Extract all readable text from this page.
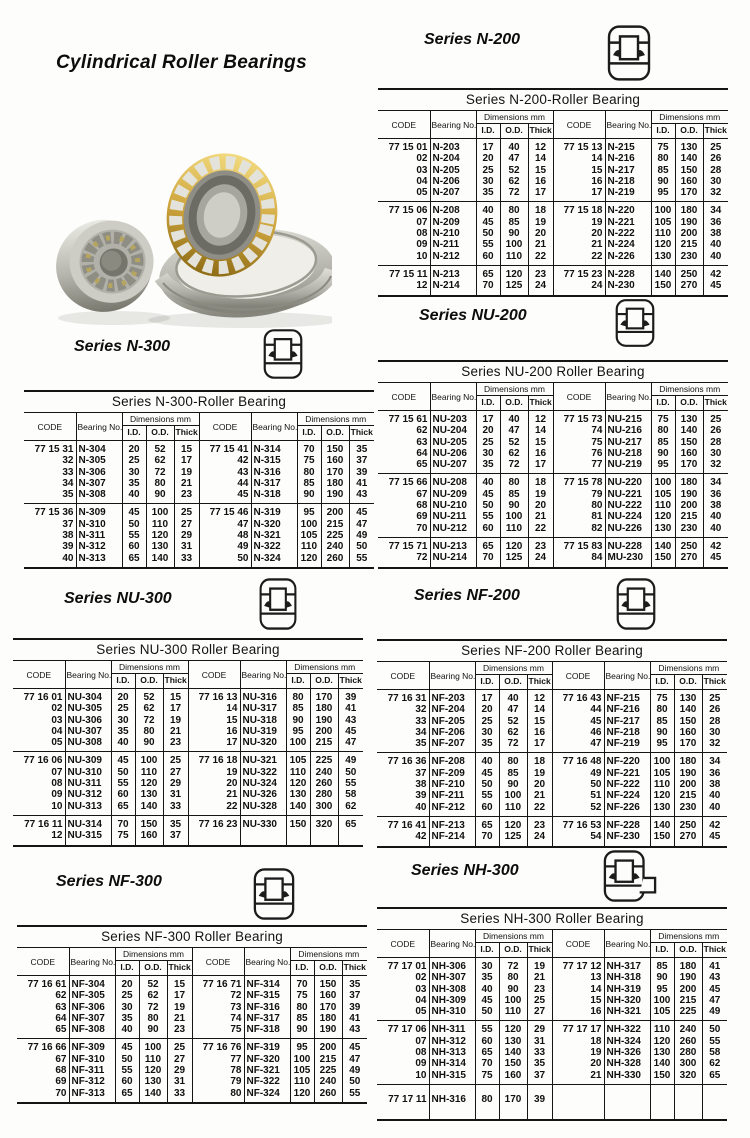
Cylindrical Roller Bearings
Series N-200
Series N-300
Series NU-200
Series NU-300	Series NF-200
Series NF-300
Series NH-300
Series N-200-Roller Bearing									
CODE	Bearing No.	Dimensions mm			CODE	Bearing No.	Dimensions mm		
		I.D.	O.D.	Thick			I.D.	O.D.	Thick
77 15 01	N-203	17	40	12	77 15 13	N-215	75	130	25
02	N-204	20	47	14	14	N-216	80	140	26
03	N-205	25	52	15	15	N-217	85	150	28
04	N-206	30	62	16	16	N-218	90	160	30
05	N-207	35	72	17	17	N-219	95	170	32
77 15 06	N-208	40	80	18	77 15 18	N-220	100	180	34
07	N-209	45	85	19	19	N-221	105	190	36
08	N-210	50	90	20	20	N-222	110	200	38
09	N-211	55	100	21	21	N-224	120	215	40
10	N-212	60	110	22	22	N-226	130	230	40
77 15 11	N-213	65	120	23	77 15 23	N-228	140	250	42
12	N-214	70	125	24	24	N-230	150	270	45
Series N-300-Roller Bearing									
CODE	Bearing No.	Dimensions mm			CODE	Bearing No.	Dimensions mm		
		I.D.	O.D.	Thick			I.D.	O.D.	Thick
77 15 31	N-304	20	52	15	77 15 41	N-314	70	150	35
32	N-305	25	62	17	42	N-315	75	160	37
33	N-306	30	72	19	43	N-316	80	170	39
34	N-307	35	80	21	44	N-317	85	180	41
35	N-308	40	90	23	45	N-318	90	190	43
77 15 36	N-309	45	100	25	77 15 46	N-319	95	200	45
37	N-310	50	110	27	47	N-320	100	215	47
38	N-311	55	120	29	48	N-321	105	225	49
39	N-312	60	130	31	49	N-322	110	240	50
40	N-313	65	140	33	50	N-324	120	260	55
Series NU-200 Roller Bearing									
CODE	Bearing No.	Dimensions mm			CODE	Bearing No.	Dimensions mm		
		I.D.	O.D.	Thick			I.D.	O.D.	Thick
77 15 61	NU-203	17	40	12	77 15 73	NU-215	75	130	25
62	NU-204	20	47	14	74	NU-216	80	140	26
63	NU-205	25	52	15	75	NU-217	85	150	28
64	NU-206	30	62	16	76	NU-218	90	160	30
65	NU-207	35	72	17	77	NU-219	95	170	32
77 15 66	NU-208	40	80	18	77 15 78	NU-220	100	180	34
67	NU-209	45	85	19	79	NU-221	105	190	36
68	NU-210	50	90	20	80	NU-222	110	200	38
69	NU-211	55	100	21	81	NU-224	120	215	40
70	NU-212	60	110	22	82	NU-226	130	230	40
77 15 71	NU-213	65	120	23	77 15 83	NU-228	140	250	42
72	NU-214	70	125	24	84	MU-230	150	270	45
Series NU-300 Roller Bearing									
CODE	Bearing No.	Dimensions mm			CODE	Bearing No.	Dimensions mm		
		I.D.	O.D.	Thick			I.D.	O.D.	Thick
77 16 01	NU-304	20	52	15	77 16 13	NU-316	80	170	39
02	NU-305	25	62	17	14	NU-317	85	180	41
03	NU-306	30	72	19	15	NU-318	90	190	43
04	NU-307	35	80	21	16	NU-319	95	200	45
05	NU-308	40	90	23	17	NU-320	100	215	47
77 16 06	NU-309	45	100	25	77 16 18	NU-321	105	225	49
07	NU-310	50	110	27	19	NU-322	110	240	50
08	NU-311	55	120	29	20	NU-324	120	260	55
09	NU-312	60	130	31	21	NU-326	130	280	58
10	NU-313	65	140	33	22	NU-328	140	300	62
77 16 11	NU-314	70	150	35	77 16 23	NU-330	150	320	65
12	NU-315	75	160	37					
Series NF-200 Roller Bearing									
CODE	Bearing No.	Dimensions mm			CODE	Bearing No.	Dimensions mm		
		I.D.	O.D.	Thick			I.D.	O.D.	Thick
77 16 31	NF-203	17	40	12	77 16 43	NF-215	75	130	25
32	NF-204	20	47	14	44	NF-216	80	140	26
33	NF-205	25	52	15	45	NF-217	85	150	28
34	NF-206	30	62	16	46	NF-218	90	160	30
35	NF-207	35	72	17	47	NF-219	95	170	32
77 16 36	NF-208	40	80	18	77 16 48	NF-220	100	180	34
37	NF-209	45	85	19	49	NF-221	105	190	36
38	NF-210	50	90	20	50	NF-222	110	200	38
39	NF-211	55	100	21	51	NF-224	120	215	40
40	NF-212	60	110	22	52	NF-226	130	230	40
77 16 41	NF-213	65	120	23	77 16 53	NF-228	140	250	42
42	NF-214	70	125	24	54	NF-230	150	270	45
Series NF-300 Roller Bearing									
CODE	Bearing No.	Dimensions mm			CODE	Bearing No.	Dimensions mm		
		I.D.	O.D.	Thick			I.D.	O.D.	Thick
77 16 61	NF-304	20	52	15	77 16 71	NF-314	70	150	35
62	NF-305	25	62	17	72	NF-315	75	160	37
63	NF-306	30	72	19	73	NF-316	80	170	39
64	NF-307	35	80	21	74	NF-317	85	180	41
65	NF-308	40	90	23	75	NF-318	90	190	43
77 16 66	NF-309	45	100	25	77 16 76	NF-319	95	200	45
67	NF-310	50	110	27	77	NF-320	100	215	47
68	NF-311	55	120	29	78	NF-321	105	225	49
69	NF-312	60	130	31	79	NF-322	110	240	50
70	NF-313	65	140	33	80	NF-324	120	260	55
Series NH-300 Roller Bearing									
CODE	Bearing No.	Dimensions mm			CODE	Bearing No.	Dimensions mm		
		I.D.	O.D.	Thick			I.D.	O.D.	Thick
77 17 01	NH-306	30	72	19	77 17 12	NH-317	85	180	41
02	NH-307	35	80	21	13	NH-318	90	190	43
03	NH-308	40	90	23	14	NH-319	95	200	45
04	NH-309	45	100	25	15	NH-320	100	215	47
05	NH-310	50	110	27	16	NH-321	105	225	49
77 17 06	NH-311	55	120	29	77 17 17	NH-322	110	240	50
07	NH-312	60	130	31	18	NH-324	120	260	55
08	NH-313	65	140	33	19	NH-326	130	280	58
09	NH-314	70	150	35	20	NH-328	140	300	62
10	NH-315	75	160	37	21	NH-330	150	320	65
77 17 11	NH-316	80	170	39					
